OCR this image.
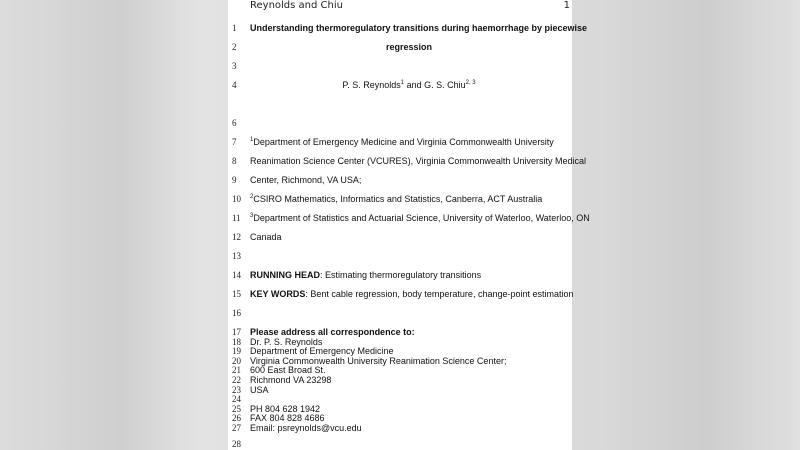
Reynolds and Chiu	1
1	Understanding thermoregulatory transitions during haemorrhage by piecewise
2	regression
3
4	P. S. Reynolds$^1$ and G. S. Chiu$^{2, 3}$
6
7	$^1$Department of Emergency Medicine and Virginia Commonwealth University
8	Reanimation Science Center (VCURES), Virginia Commonwealth University Medical
9	Center, Richmond, VA USA;
10	$^2$CSIRO Mathematics, Informatics and Statistics, Canberra, ACT Australia
11	$^3$Department of Statistics and Actuarial Science, University of Waterloo, Waterloo, ON
12	Canada
13
14	RUNNING HEAD: Estimating thermoregulatory transitions
15	KEY WORDS: Bent cable regression, body temperature, change-point estimation
16
17	Please address all correspondence to:
18	Dr. P. S. Reynolds
19	Department of Emergency Medicine
20	Virginia Commonwealth University Reanimation Science Center;
21	600 East Broad St.
22	Richmond VA 23298
23	USA
24
25	PH 804 628 1942
26	FAX 804 828 4686
27	Email: psreynolds@vcu.edu
28
